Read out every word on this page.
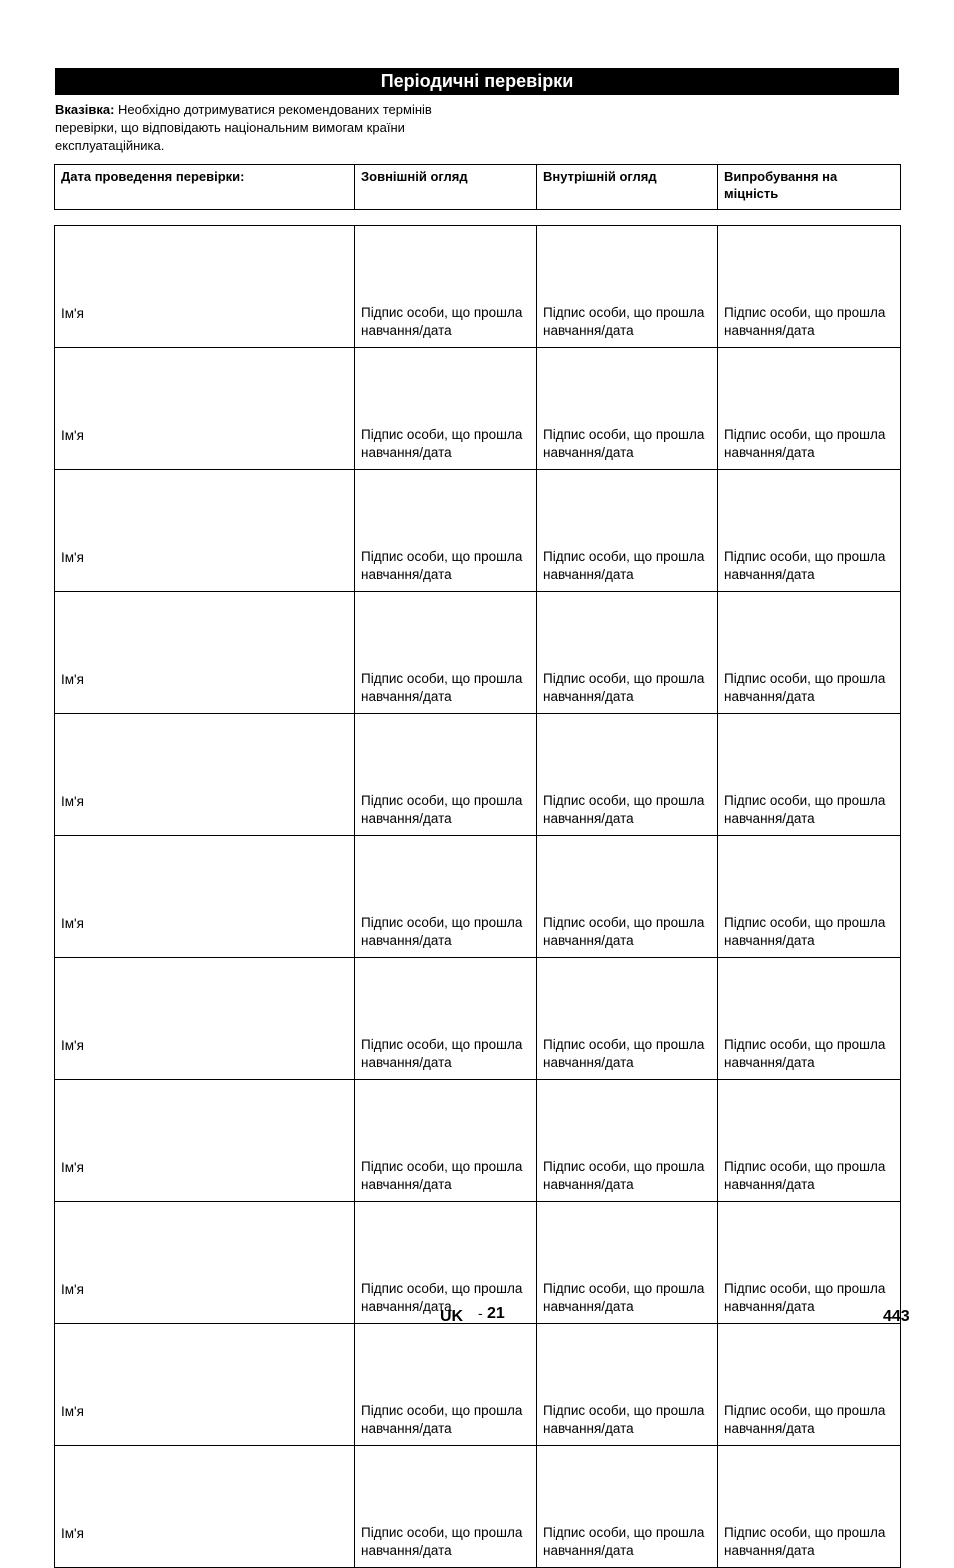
Періодичні перевірки
Вказівка: Необхідно дотримуватися рекомендованих термінів перевірки, що відповідають національним вимогам країни експлуатаційника.
Дата проведення перевірки:	Зовнішній огляд	Внутрішній огляд	Випробування на міцність
Ім'я	Підпис особи, що прошла навчання/дата	Підпис особи, що прошла навчання/дата	Підпис особи, що прошла навчання/дата
Ім'я	Підпис особи, що прошла навчання/дата	Підпис особи, що прошла навчання/дата	Підпис особи, що прошла навчання/дата
Ім'я	Підпис особи, що прошла навчання/дата	Підпис особи, що прошла навчання/дата	Підпис особи, що прошла навчання/дата
Ім'я	Підпис особи, що прошла навчання/дата	Підпис особи, що прошла навчання/дата	Підпис особи, що прошла навчання/дата
Ім'я	Підпис особи, що прошла навчання/дата	Підпис особи, що прошла навчання/дата	Підпис особи, що прошла навчання/дата
Ім'я	Підпис особи, що прошла навчання/дата	Підпис особи, що прошла навчання/дата	Підпис особи, що прошла навчання/дата
Ім'я	Підпис особи, що прошла навчання/дата	Підпис особи, що прошла навчання/дата	Підпис особи, що прошла навчання/дата
Ім'я	Підпис особи, що прошла навчання/дата	Підпис особи, що прошла навчання/дата	Підпис особи, що прошла навчання/дата
Ім'я	Підпис особи, що прошла навчання/дата	Підпис особи, що прошла навчання/дата	Підпис особи, що прошла навчання/дата
Ім'я	Підпис особи, що прошла навчання/дата	Підпис особи, що прошла навчання/дата	Підпис особи, що прошла навчання/дата
Ім'я	Підпис особи, що прошла навчання/дата	Підпис особи, що прошла навчання/дата	Підпис особи, що прошла навчання/дата
UK - 21	443
